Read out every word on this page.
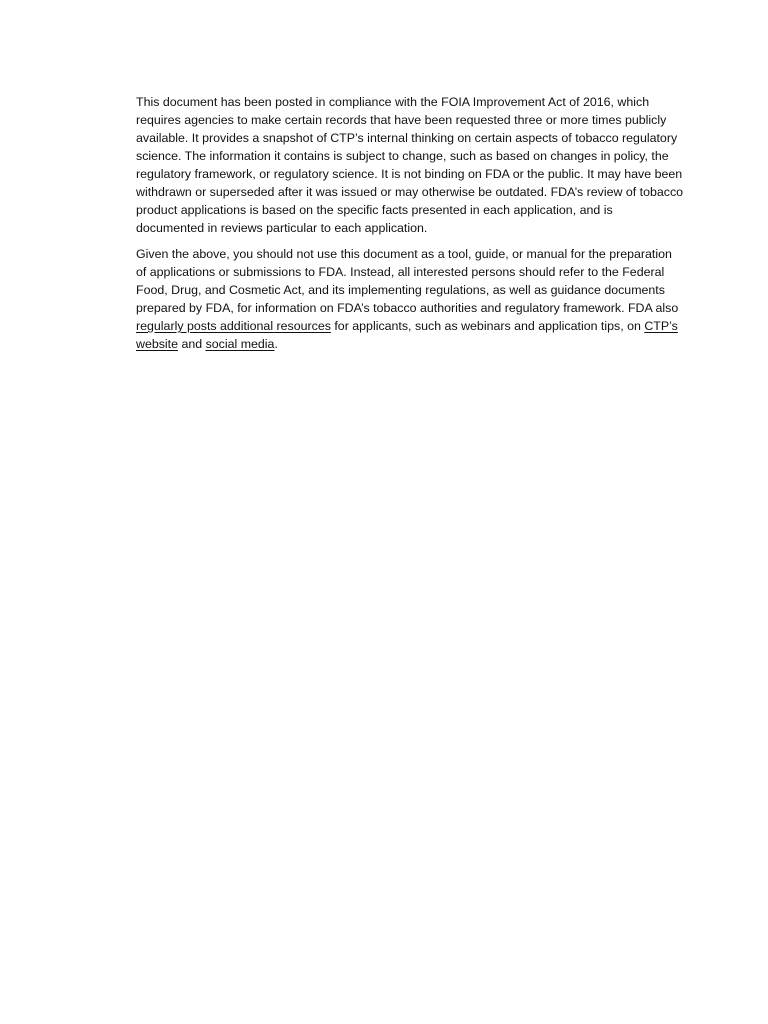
This document has been posted in compliance with the FOIA Improvement Act of 2016, which requires agencies to make certain records that have been requested three or more times publicly available. It provides a snapshot of CTP’s internal thinking on certain aspects of tobacco regulatory science. The information it contains is subject to change, such as based on changes in policy, the regulatory framework, or regulatory science. It is not binding on FDA or the public. It may have been withdrawn or superseded after it was issued or may otherwise be outdated. FDA’s review of tobacco product applications is based on the specific facts presented in each application, and is documented in reviews particular to each application.

Given the above, you should not use this document as a tool, guide, or manual for the preparation of applications or submissions to FDA. Instead, all interested persons should refer to the Federal Food, Drug, and Cosmetic Act, and its implementing regulations, as well as guidance documents prepared by FDA, for information on FDA’s tobacco authorities and regulatory framework. FDA also regularly posts additional resources for applicants, such as webinars and application tips, on CTP’s website and social media.
